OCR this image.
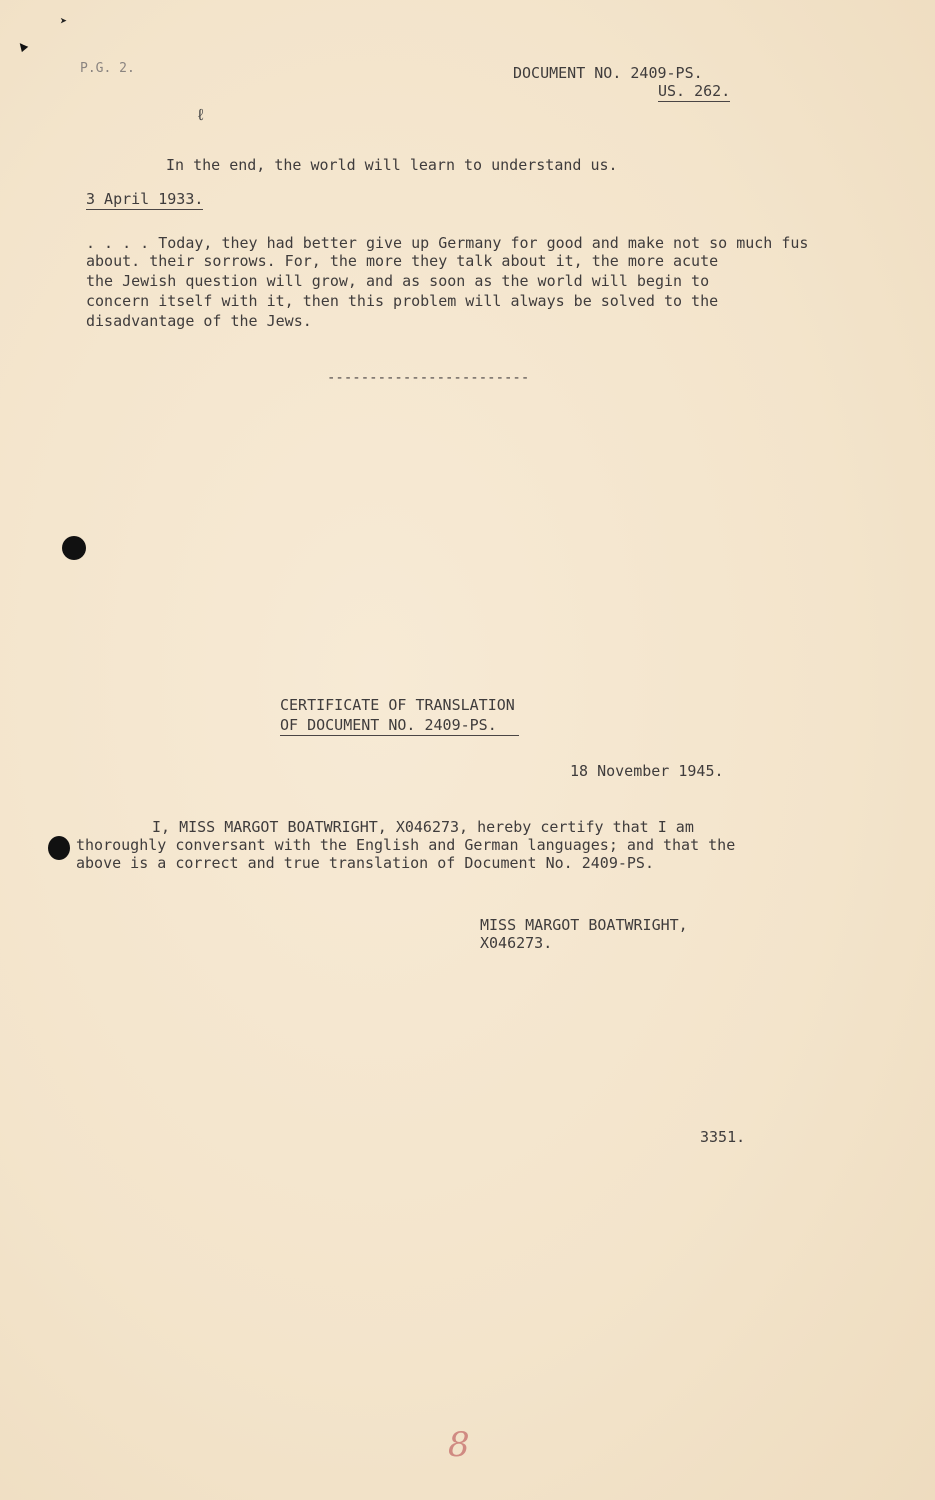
➤
▲
ℓ
P.G. 2.	DOCUMENT NO. 2409-PS.
US. 262.
In the end, the world will learn to understand us.
3 April 1933.
. . . . Today, they had better give up Germany for good and make not so much fus
about. their sorrows. For, the more they talk about it, the more acute
the Jewish question will grow, and as soon as the world will begin to
concern itself with it, then this problem will always be solved to the
disadvantage of the Jews.
------------------------
CERTIFICATE OF TRANSLATION
OF DOCUMENT NO. 2409-PS.
18 November 1945.
I, MISS MARGOT BOATWRIGHT, X046273, hereby certify that I am
thoroughly conversant with the English and German languages; and that the
above is a correct and true translation of Document No. 2409-PS.
MISS MARGOT BOATWRIGHT,
X046273.
3351.
8
